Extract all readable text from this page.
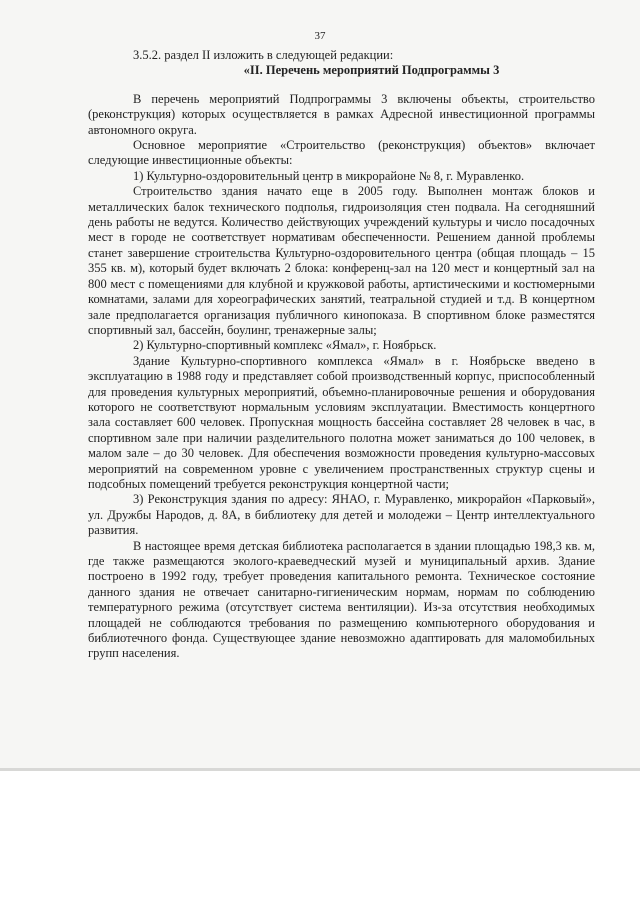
37

3.5.2. раздел II изложить в следующей редакции:

«II. Перечень мероприятий Подпрограммы 3

В перечень мероприятий Подпрограммы 3 включены объекты, строительство (реконструкция) которых осуществляется в рамках Адресной инвестиционной программы автономного округа.

Основное мероприятие «Строительство (реконструкция) объектов» включает следующие инвестиционные объекты:

1) Культурно-оздоровительный центр в микрорайоне № 8, г. Муравленко.

Строительство здания начато еще в 2005 году. Выполнен монтаж блоков и металлических балок технического подполья, гидроизоляция стен подвала. На сегодняшний день работы не ведутся. Количество действующих учреждений культуры и число посадочных мест в городе не соответствует нормативам обеспеченности. Решением данной проблемы станет завершение строительства Культурно-оздоровительного центра (общая площадь – 15 355 кв. м), который будет включать 2 блока: конференц-зал на 120 мест и концертный зал на 800 мест с помещениями для клубной и кружковой работы, артистическими и костюмерными комнатами, залами для хореографических занятий, театральной студией и т.д. В концертном зале предполагается организация публичного кинопоказа. В спортивном блоке разместятся спортивный зал, бассейн, боулинг, тренажерные залы;

2) Культурно-спортивный комплекс «Ямал», г. Ноябрьск.

Здание Культурно-спортивного комплекса «Ямал» в г. Ноябрьске введено в эксплуатацию в 1988 году и представляет собой производственный корпус, приспособленный для проведения культурных мероприятий, объемно-планировочные решения и оборудования которого не соответствуют нормальным условиям эксплуатации. Вместимость концертного зала составляет 600 человек. Пропускная мощность бассейна составляет 28 человек в час, в спортивном зале при наличии разделительного полотна может заниматься до 100 человек, в малом зале – до 30 человек. Для обеспечения возможности проведения культурно-массовых мероприятий на современном уровне с увеличением пространственных структур сцены и подсобных помещений требуется реконструкция концертной части;

3) Реконструкция здания по адресу: ЯНАО, г. Муравленко, микрорайон «Парковый», ул. Дружбы Народов, д. 8А, в библиотеку для детей и молодежи – Центр интеллектуального развития.

В настоящее время детская библиотека располагается в здании площадью 198,3 кв. м, где также размещаются эколого-краеведческий музей и муниципальный архив. Здание построено в 1992 году, требует проведения капитального ремонта. Техническое состояние данного здания не отвечает санитарно-гигиеническим нормам, нормам по соблюдению температурного режима (отсутствует система вентиляции). Из-за отсутствия необходимых площадей не соблюдаются требования по размещению компьютерного оборудования и библиотечного фонда. Существующее здание невозможно адаптировать для маломобильных групп населения.
